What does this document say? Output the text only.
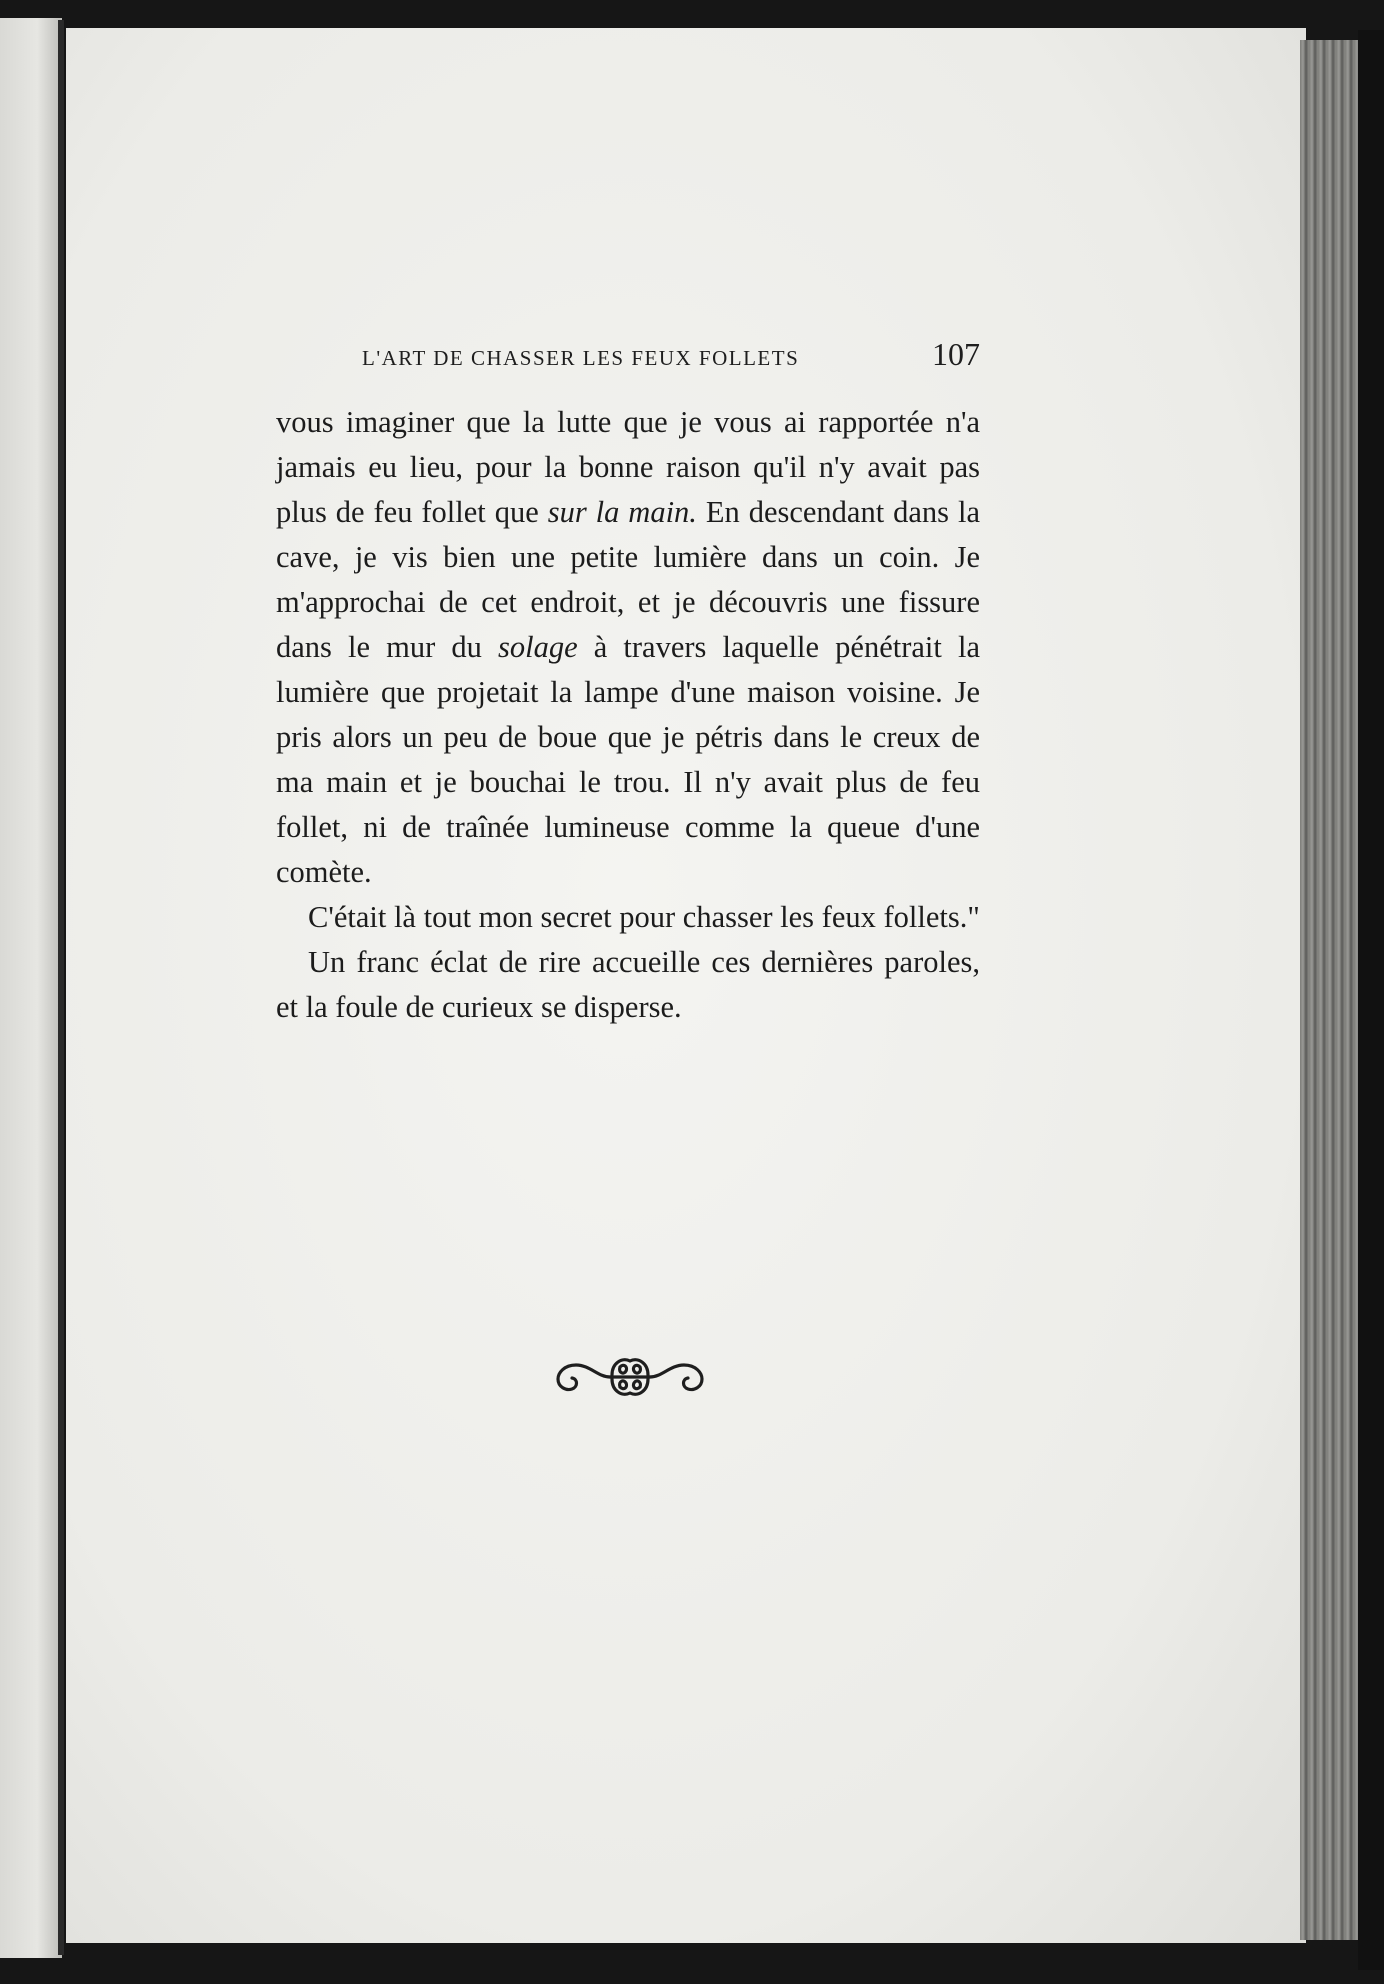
L'ART DE CHASSER LES FEUX FOLLETS	107

vous imaginer que la lutte que je vous ai rapportée n'a jamais eu lieu, pour la bonne raison qu'il n'y avait pas plus de feu follet que sur la main. En descendant dans la cave, je vis bien une petite lumière dans un coin. Je m'approchai de cet endroit, et je découvris une fissure dans le mur du solage à travers laquelle pénétrait la lumière que projetait la lampe d'une maison voisine. Je pris alors un peu de boue que je pétris dans le creux de ma main et je bouchai le trou. Il n'y avait plus de feu follet, ni de traînée lumineuse comme la queue d'une comète.

C'était là tout mon secret pour chasser les feux follets."

Un franc éclat de rire accueille ces dernières paroles, et la foule de curieux se disperse.
